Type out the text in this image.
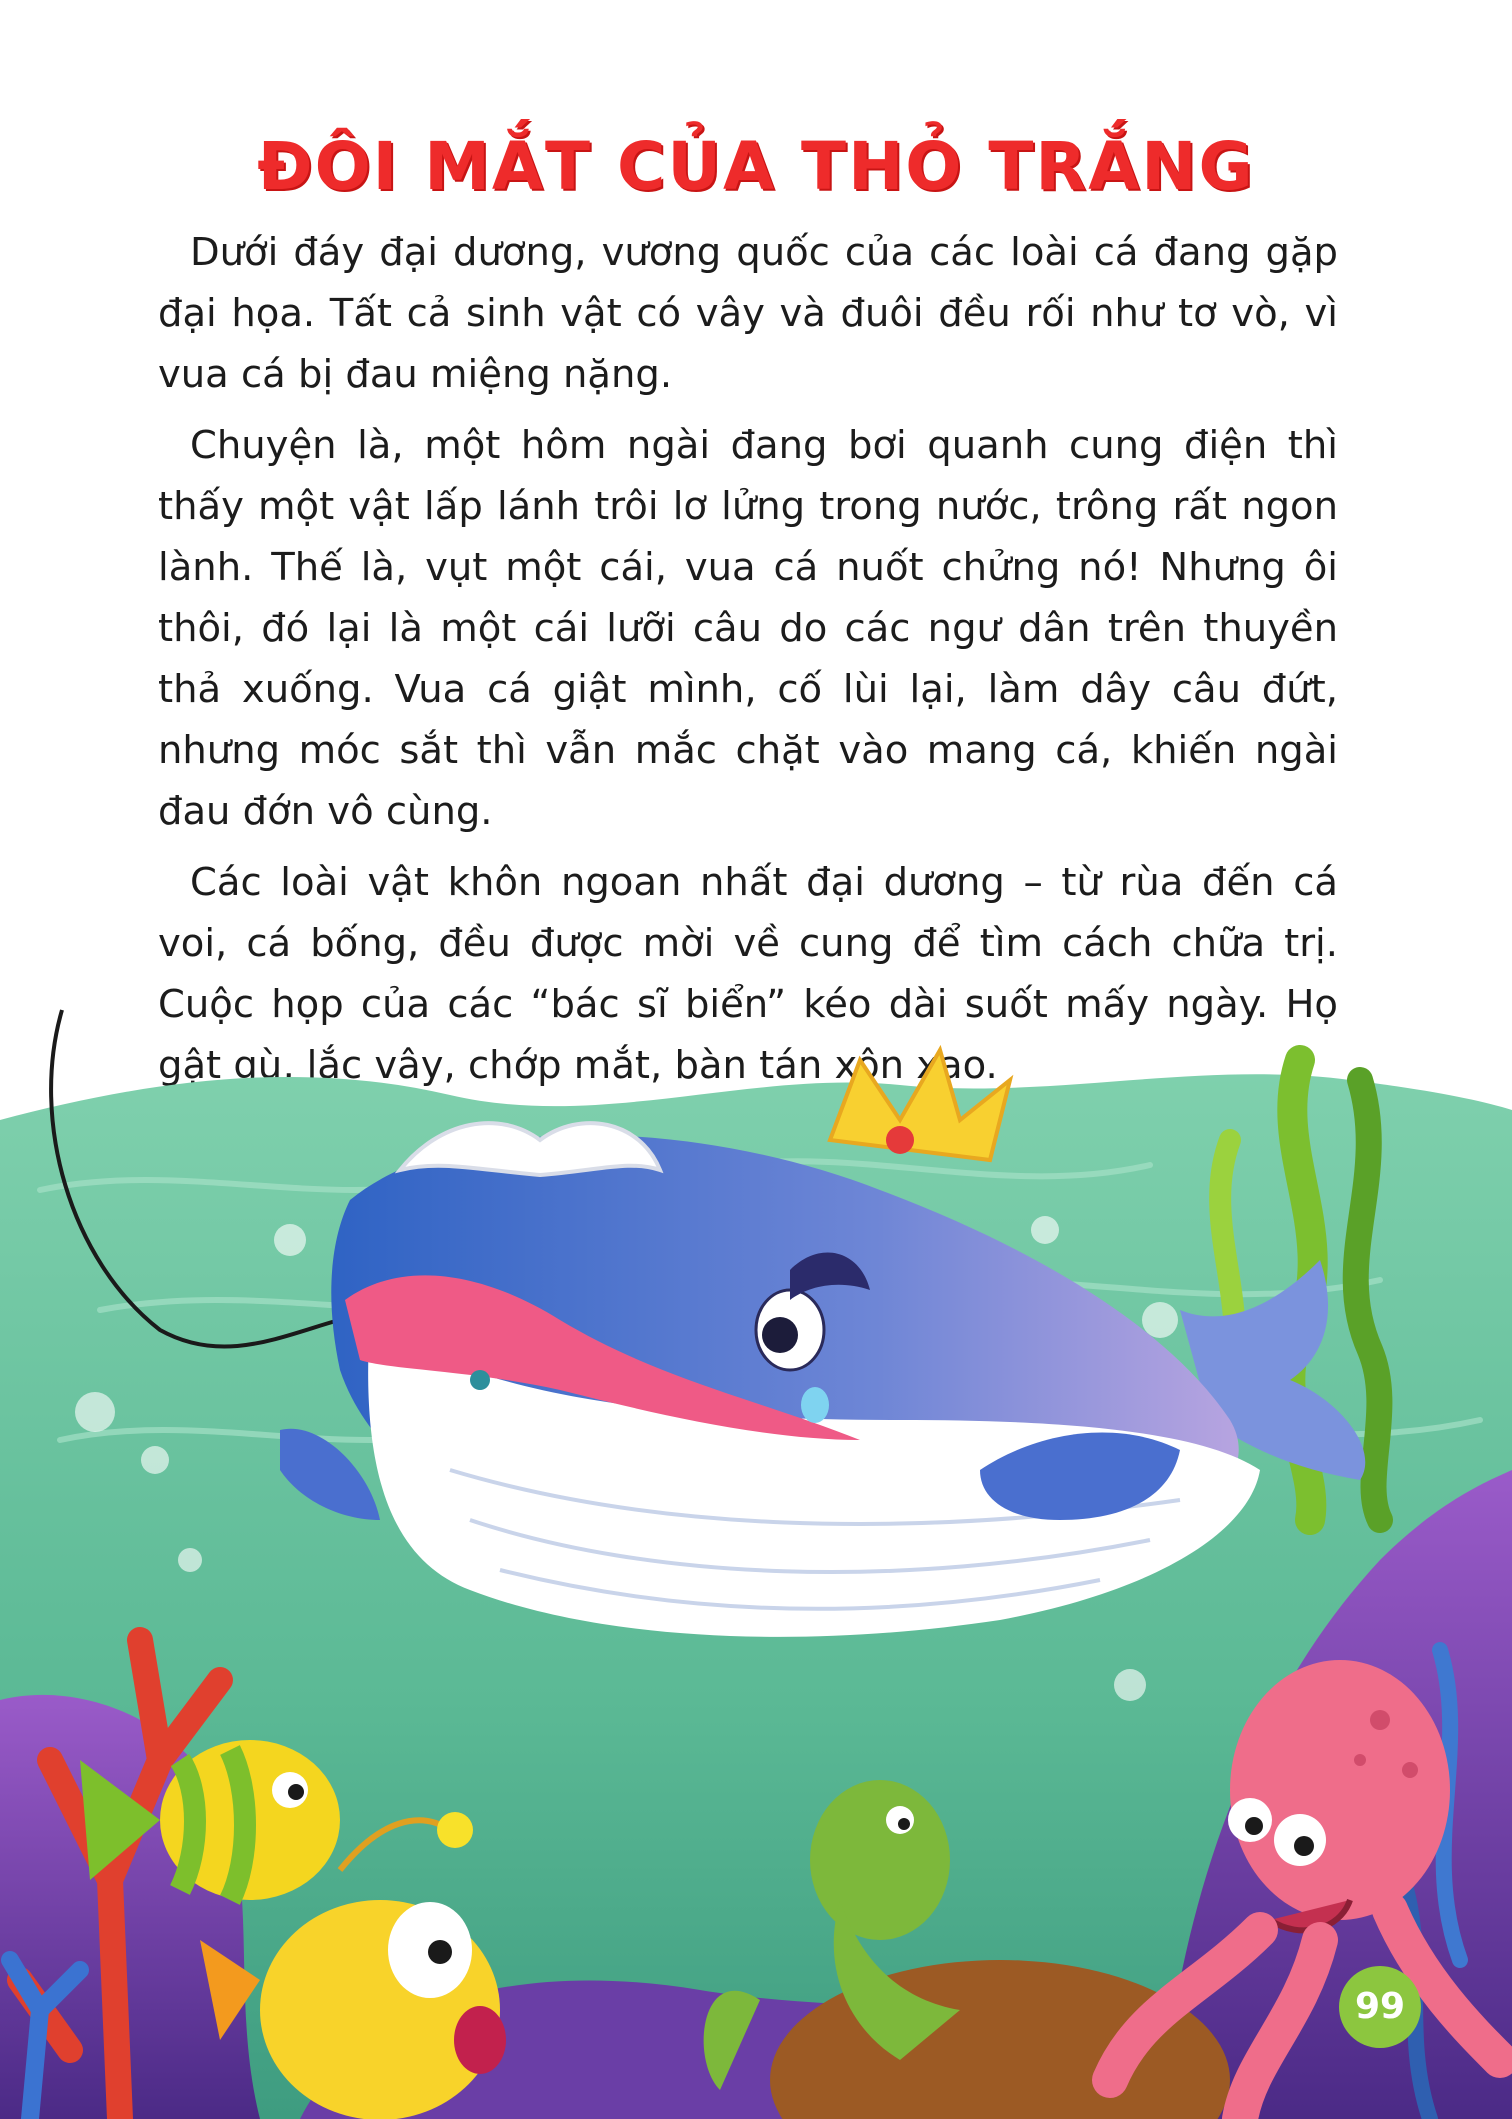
ĐÔI MẮT CỦA THỎ TRẮNG

Dưới đáy đại dương, vương quốc của các loài cá đang gặp đại họa. Tất cả sinh vật có vây và đuôi đều rối như tơ vò, vì vua cá bị đau miệng nặng.

Chuyện là, một hôm ngài đang bơi quanh cung điện thì thấy một vật lấp lánh trôi lơ lửng trong nước, trông rất ngon lành. Thế là, vụt một cái, vua cá nuốt chửng nó! Nhưng ôi thôi, đó lại là một cái lưỡi câu do các ngư dân trên thuyền thả xuống. Vua cá giật mình, cố lùi lại, làm dây câu đứt, nhưng móc sắt thì vẫn mắc chặt vào mang cá, khiến ngài đau đớn vô cùng.

Các loài vật khôn ngoan nhất đại dương – từ rùa đến cá voi, cá bống, đều được mời về cung để tìm cách chữa trị. Cuộc họp của các “bác sĩ biển” kéo dài suốt mấy ngày. Họ gật gù, lắc vây, chớp mắt, bàn tán xôn xao.

99
